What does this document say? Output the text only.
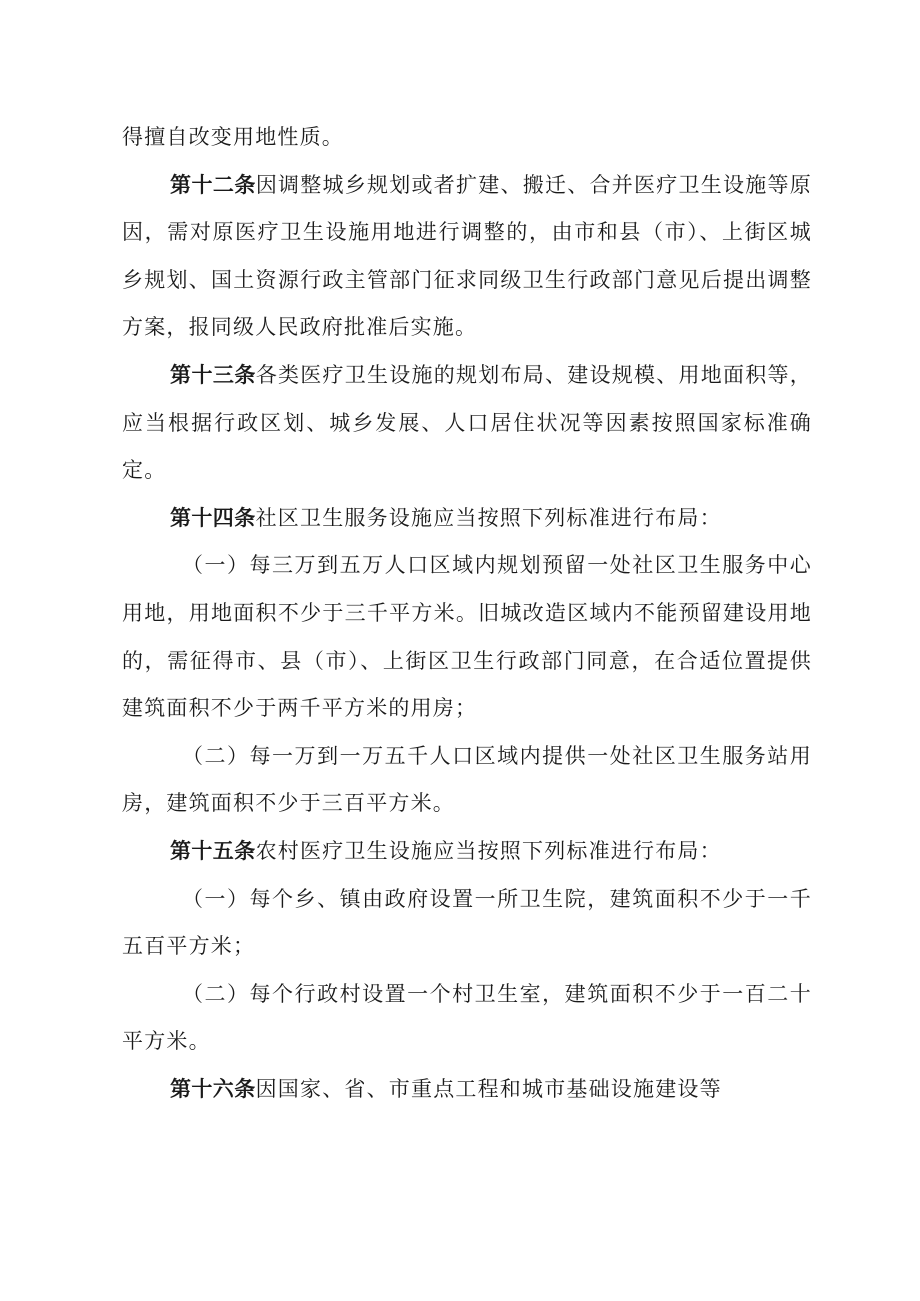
得擅自改变用地性质。

第十二条因调整城乡规划或者扩建、搬迁、合并医疗卫生设施等原因，需对原医疗卫生设施用地进行调整的，由市和县（市）、上街区城乡规划、国土资源行政主管部门征求同级卫生行政部门意见后提出调整方案，报同级人民政府批准后实施。

第十三条各类医疗卫生设施的规划布局、建设规模、用地面积等，应当根据行政区划、城乡发展、人口居住状况等因素按照国家标准确定。

第十四条社区卫生服务设施应当按照下列标准进行布局：

（一）每三万到五万人口区域内规划预留一处社区卫生服务中心用地，用地面积不少于三千平方米。旧城改造区域内不能预留建设用地的，需征得市、县（市）、上街区卫生行政部门同意，在合适位置提供建筑面积不少于两千平方米的用房；

（二）每一万到一万五千人口区域内提供一处社区卫生服务站用房，建筑面积不少于三百平方米。

第十五条农村医疗卫生设施应当按照下列标准进行布局：

（一）每个乡、镇由政府设置一所卫生院，建筑面积不少于一千五百平方米；

（二）每个行政村设置一个村卫生室，建筑面积不少于一百二十平方米。

第十六条因国家、省、市重点工程和城市基础设施建设等
